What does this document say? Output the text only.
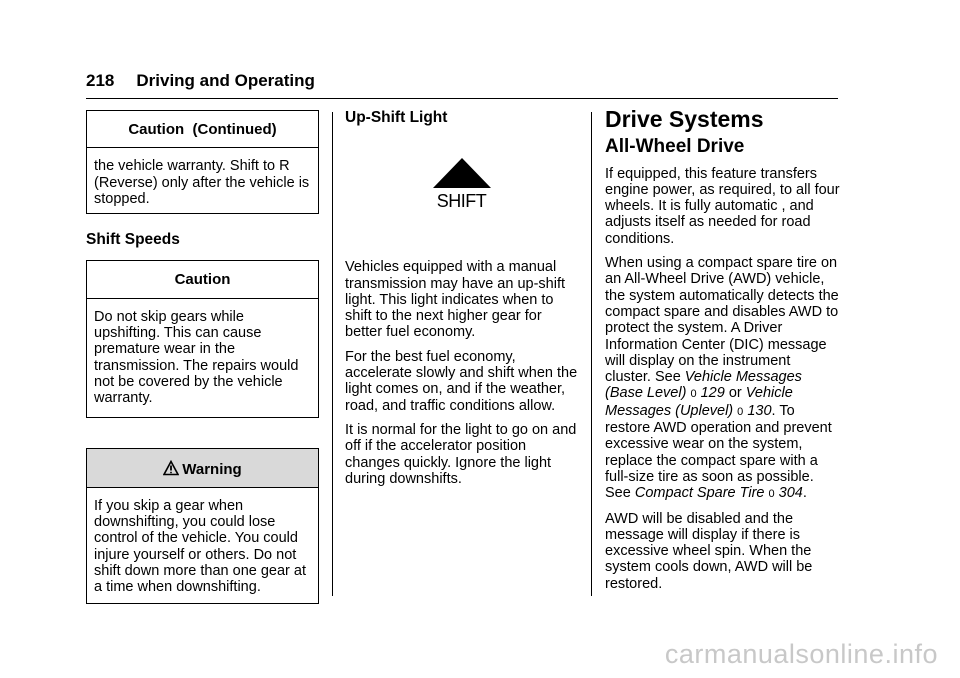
218 Driving and Operating
Caution  (Continued)

the vehicle warranty. Shift to R (Reverse) only after the vehicle is stopped.

Shift Speeds
Caution

Do not skip gears while upshifting. This can cause premature wear in the transmission. The repairs would not be covered by the vehicle warranty.

Warning

If you skip a gear when downshifting, you could lose control of the vehicle. You could injure yourself or others. Do not shift down more than one gear at a time when downshifting.

Up-Shift Light
SHIFT

Vehicles equipped with a manual transmission may have an up-shift light. This light indicates when to shift to the next higher gear for better fuel economy.

For the best fuel economy, accelerate slowly and shift when the light comes on, and if the weather, road, and traffic conditions allow.

It is normal for the light to go on and off if the accelerator position changes quickly. Ignore the light during downshifts.

Drive Systems
All-Wheel Drive

If equipped, this feature transfers engine power, as required, to all four wheels. It is fully automatic , and adjusts itself as needed for road conditions.

When using a compact spare tire on an All-Wheel Drive (AWD) vehicle, the system automatically detects the compact spare and disables AWD to protect the system. A Driver Information Center (DIC) message will display on the instrument cluster. See Vehicle Messages (Base Level) 0 129 or Vehicle Messages (Uplevel) 0 130. To restore AWD operation and prevent excessive wear on the system, replace the compact spare with a full-size tire as soon as possible. See Compact Spare Tire 0 304.

AWD will be disabled and the message will display if there is excessive wheel spin. When the system cools down, AWD will be restored.

carmanualsonline.info
